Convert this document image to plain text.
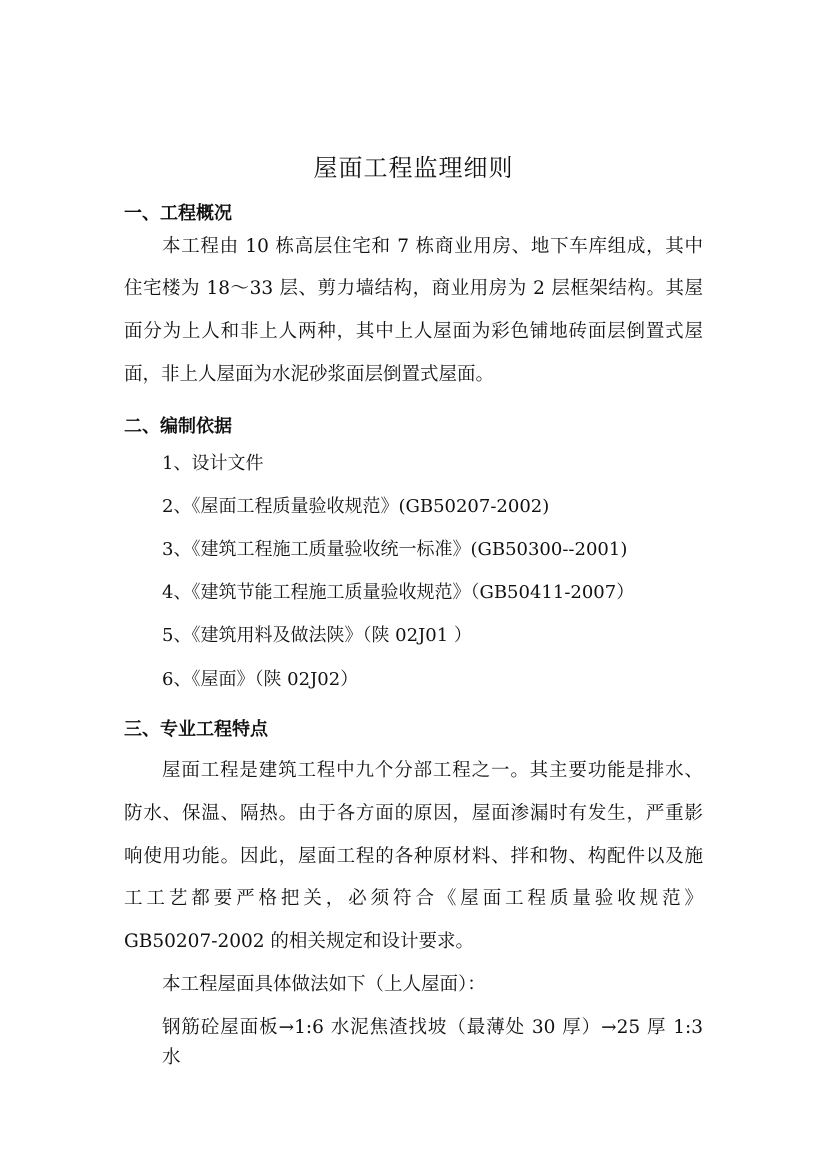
屋面工程监理细则
一、工程概况
本工程由 10 栋高层住宅和 7 栋商业用房、地下车库组成，其中
住宅楼为 18～33 层、剪力墙结构，商业用房为 2 层框架结构。其屋
面分为上人和非上人两种，其中上人屋面为彩色铺地砖面层倒置式屋
面，非上人屋面为水泥砂浆面层倒置式屋面。
二、编制依据
1、设计文件
2、《屋面工程质量验收规范》(GB50207-2002)
3、《建筑工程施工质量验收统一标准》(GB50300--2001)
4、《建筑节能工程施工质量验收规范》（GB50411-2007）
5、《建筑用料及做法陕》（陕 02J01 ）
6、《屋面》（陕 02J02）
三、专业工程特点
屋面工程是建筑工程中九个分部工程之一。其主要功能是排水、
防水、保温、隔热。由于各方面的原因，屋面渗漏时有发生，严重影
响使用功能。因此，屋面工程的各种原材料、拌和物、构配件以及施
工工艺都要严格把关，必须符合《屋面工程质量验收规范》
GB50207-2002 的相关规定和设计要求。
本工程屋面具体做法如下（上人屋面）：
钢筋砼屋面板→1:6 水泥焦渣找坡（最薄处 30 厚）→25 厚 1:3 水
